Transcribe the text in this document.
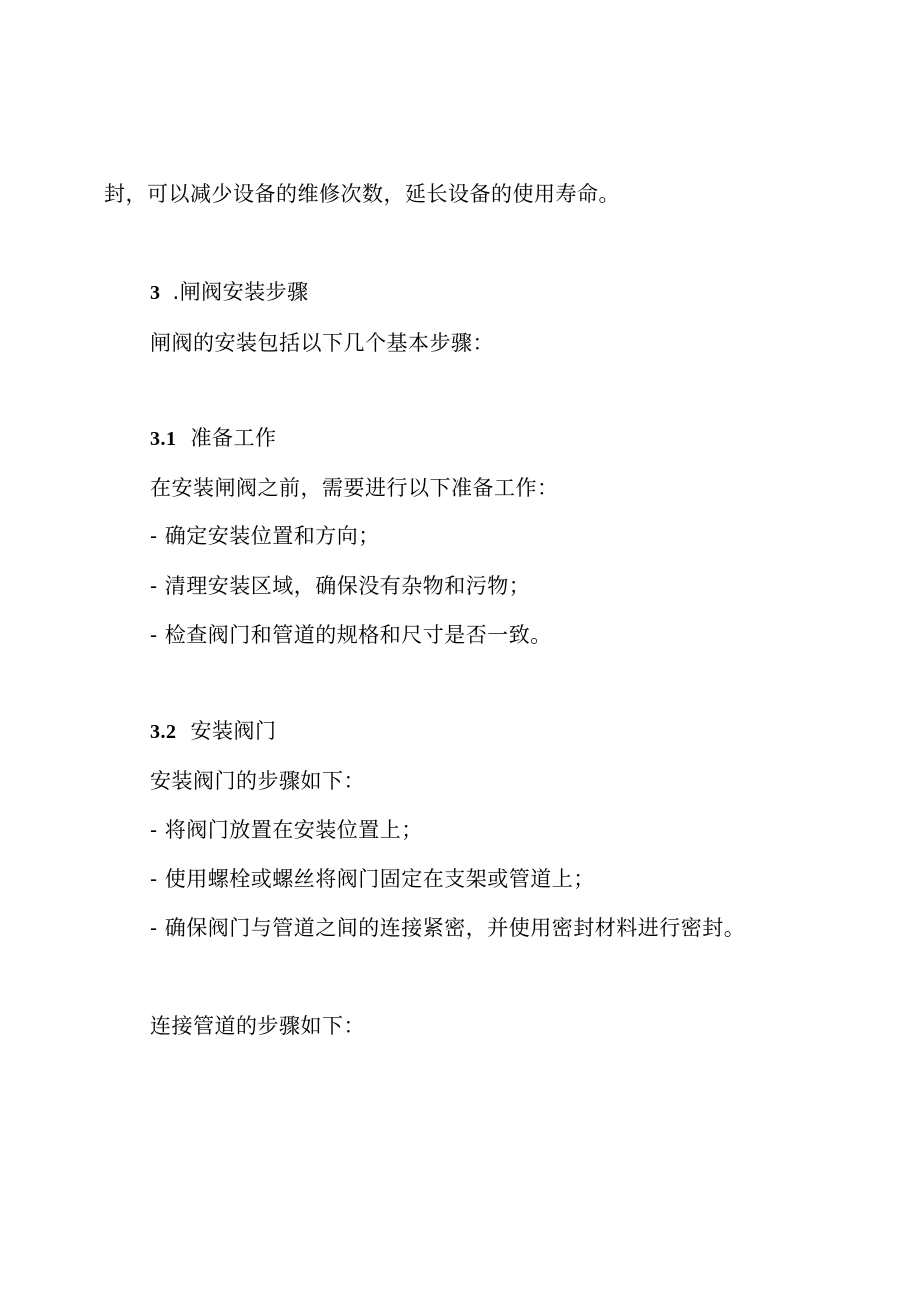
封，可以减少设备的维修次数，延长设备的使用寿命。
3 .闸阀安装步骤
闸阀的安装包括以下几个基本步骤：
3.1 准备工作
在安装闸阀之前，需要进行以下准备工作：
- 确定安装位置和方向；
- 清理安装区域，确保没有杂物和污物；
- 检查阀门和管道的规格和尺寸是否一致。
3.2 安装阀门
安装阀门的步骤如下：
- 将阀门放置在安装位置上；
- 使用螺栓或螺丝将阀门固定在支架或管道上；
- 确保阀门与管道之间的连接紧密，并使用密封材料进行密封。
连接管道的步骤如下：
